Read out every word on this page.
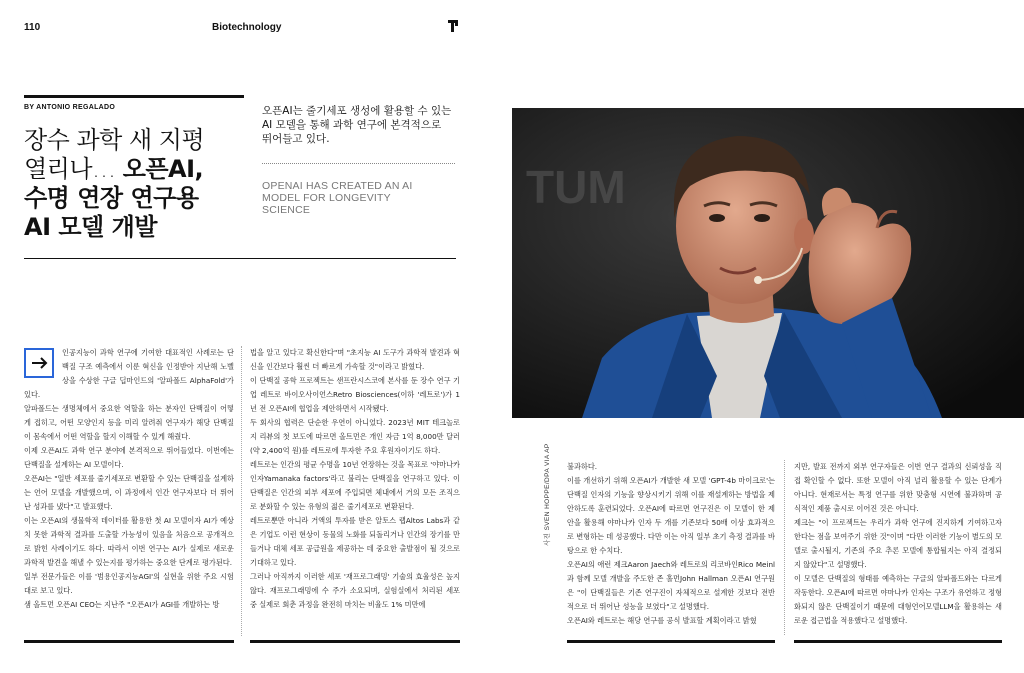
110	Biotechnology
BY ANTONIO REGALADO
장수 과학 새 지평
열리나… 오픈AI,
수명 연장 연구용
AI 모델 개발

오픈AI는 줄기세포 생성에 활용할 수 있는 AI 모델을 통해 과학 연구에 본격적으로 뛰어들고 있다.

OPENAI HAS CREATED AN AI MODEL FOR LONGEVITY SCIENCE	TUM
사진 SVEN HOPPE/DPA VIA AP

인공지능이 과학 연구에 기여한 대표적인 사례로는 단백질 구조 예측에서 이룬 혁신을 인정받아 지난해 노벨상을 수상한 구글 딥마인드의 '알파폴드 AlphaFold'가 있다.

알파폴드는 생명체에서 중요한 역할을 하는 분자인 단백질이 어떻게 접히고, 어떤 모양인지 등을 미리 알려줘 연구자가 해당 단백질이 몸속에서 어떤 역할을 할지 이해할 수 있게 해줬다.

이제 오픈AI도 과학 연구 분야에 본격적으로 뛰어들었다. 이번에는 단백질을 설계하는 AI 모델이다.

오픈AI는 "일반 세포를 줄기세포로 변환할 수 있는 단백질을 설계하는 언어 모델을 개발했으며, 이 과정에서 인간 연구자보다 더 뛰어난 성과를 냈다"고 발표했다.

이는 오픈AI의 생물학적 데이터를 활용한 첫 AI 모델이자 AI가 예상치 못한 과학적 결과를 도출할 가능성이 있음을 처음으로 공개적으로 밝힌 사례이기도 하다. 따라서 이번 연구는 AI가 실제로 새로운 과학적 발견을 해낼 수 있는지를 평가하는 중요한 단계로 평가된다.

일부 전문가들은 이를 '범용인공지능AGI'의 실현을 위한 주요 시험대로 보고 있다.

샘 올트먼 오픈AI CEO는 지난주 "오픈AI가 AGI를 개발하는 방

법을 알고 있다고 확신한다"며 "초지능 AI 도구가 과학적 발견과 혁신을 인간보다 훨씬 더 빠르게 가속할 것"이라고 밝혔다.

이 단백질 공학 프로젝트는 샌프란시스코에 본사를 둔 장수 연구 기업 레트로 바이오사이언스Retro Biosciences(이하 '레트로')가 1년 전 오픈AI에 협업을 제안하면서 시작됐다.

두 회사의 협력은 단순한 우연이 아니었다. 2023년 MIT 테크놀로지 리뷰의 첫 보도에 따르면 올트먼은 개인 자금 1억 8,000만 달러(약 2,400억 원)를 레트로에 투자한 주요 후원자이기도 하다.

레트로는 인간의 평균 수명을 10년 연장하는 것을 목표로 '야마나카 인자Yamanaka factors'라고 불리는 단백질을 연구하고 있다. 이 단백질은 인간의 피부 세포에 주입되면 체내에서 거의 모든 조직으로 분화할 수 있는 유형의 젊은 줄기세포로 변환된다.

레트로뿐만 아니라 거액의 투자를 받은 알토스 랩Altos Labs과 같은 기업도 이런 현상이 동물의 노화를 되돌리거나 인간의 장기를 만들거나 대체 세포 공급원을 제공하는 데 중요한 출발점이 될 것으로 기대하고 있다.

그러나 아직까지 이러한 세포 '재프로그래밍' 기술의 효율성은 높지 않다. 재프로그래밍에 수 주가 소요되며, 실험실에서 처리된 세포 중 실제로 회춘 과정을 완전히 마치는 비율도 1% 미만에

불과하다.

이를 개선하기 위해 오픈AI가 개발한 새 모델 'GPT-4b 마이크로'는 단백질 인자의 기능을 향상시키기 위해 이를 재설계하는 방법을 제안하도록 훈련되었다. 오픈AI에 따르면 연구진은 이 모델이 한 제안을 활용해 야마나카 인자 두 개를 기존보다 50배 이상 효과적으로 변형하는 데 성공했다. 다만 이는 아직 일부 초기 측정 결과를 바탕으로 한 수치다.

오픈AI의 애런 제크Aaron Jaech와 레트로의 리코바인Rico Meinl과 함께 모델 개발을 주도한 존 홀먼John Hallman 오픈AI 연구원은 "이 단백질들은 기존 연구진이 자체적으로 설계한 것보다 전반적으로 더 뛰어난 성능을 보였다"고 설명했다.

오픈AI와 레트로는 해당 연구를 공식 발표할 계획이라고 밝혔

지만, 발표 전까지 외부 연구자들은 이번 연구 결과의 신뢰성을 직접 확인할 수 없다. 또한 모델이 아직 널리 활용할 수 있는 단계가 아니다. 현재로서는 특정 연구를 위한 맞춤형 시연에 불과하며 공식적인 제품 출시로 이어진 것은 아니다.

제크는 "이 프로젝트는 우리가 과학 연구에 진지하게 기여하고자 한다는 점을 보여주기 위한 것"이며 "다만 이러한 기능이 별도의 모델로 출시될지, 기존의 주요 추론 모델에 통합될지는 아직 결정되지 않았다"고 설명했다.

이 모델은 단백질의 형태를 예측하는 구글의 알파폴드와는 다르게 작동한다. 오픈AI에 따르면 야마나카 인자는 구조가 유연하고 정형화되지 않은 단백질이기 때문에 대형언어모델LLM을 활용하는 새로운 접근법을 적용했다고 설명했다.
